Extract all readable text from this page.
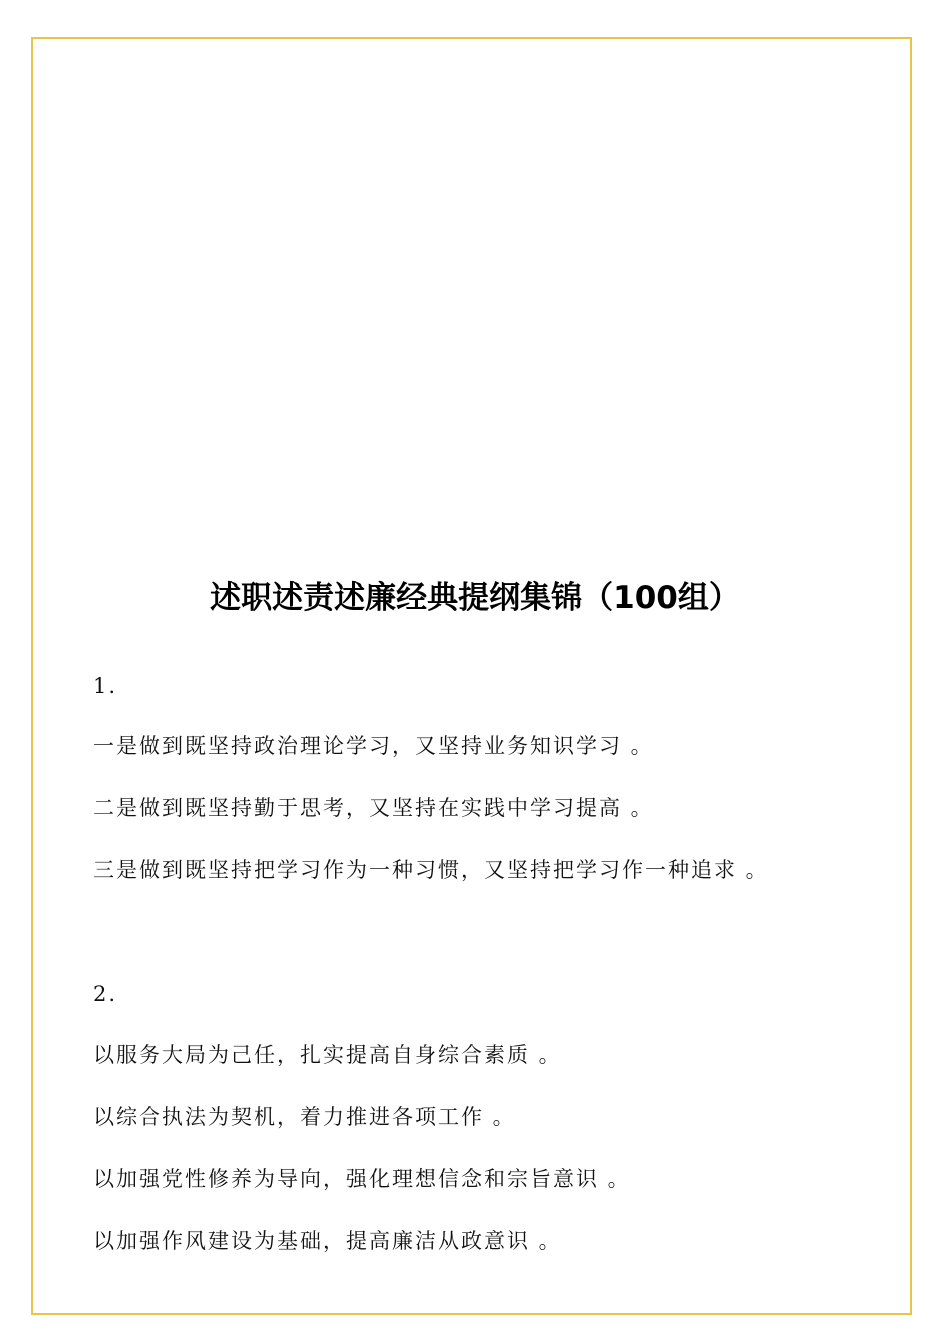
述职述责述廉经典提纲集锦（100组）
1.
一是做到既坚持政治理论学习，又坚持业务知识学习 。
二是做到既坚持勤于思考，又坚持在实践中学习提高 。
三是做到既坚持把学习作为一种习惯，又坚持把学习作一种追求 。
2.
以服务大局为己任，扎实提高自身综合素质 。
以综合执法为契机，着力推进各项工作 。
以加强党性修养为导向，强化理想信念和宗旨意识 。
以加强作风建设为基础，提高廉洁从政意识 。
